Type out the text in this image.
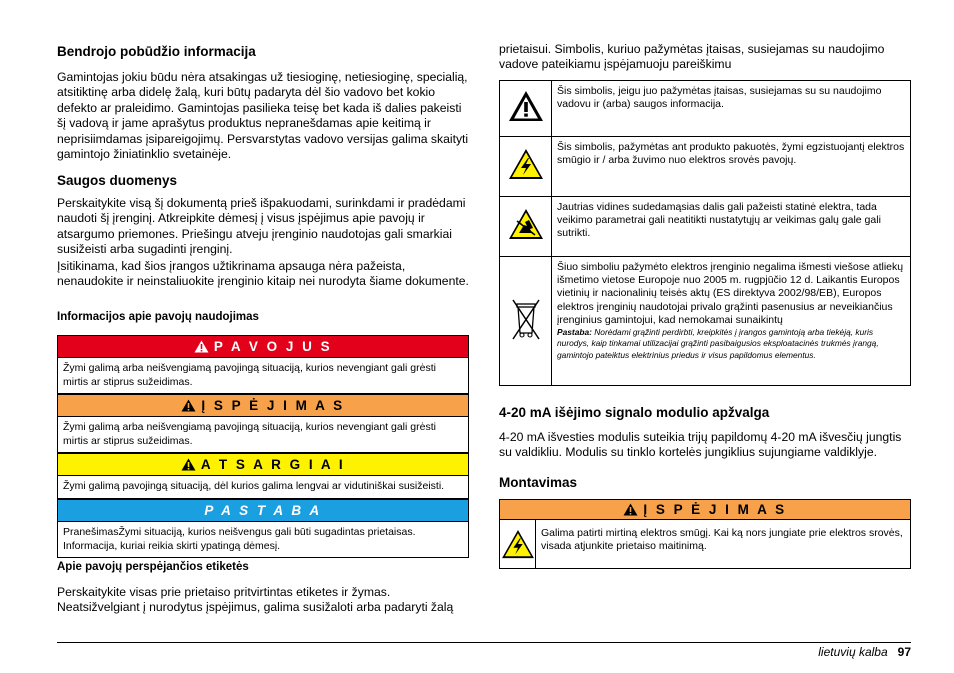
Bendrojo pobūdžio informacija

Gamintojas jokiu būdu nėra atsakingas už tiesioginę, netiesioginę, specialią, atsitiktinę arba didelę žalą, kuri būtų padaryta dėl šio vadovo bet kokio defekto ar praleidimo. Gamintojas pasilieka teisę bet kada iš dalies pakeisti šį vadovą ir jame aprašytus produktus nepranešdamas apie keitimą ir neprisiimdamas įsipareigojimų. Persvarstytas vadovo versijas galima skaityti gamintojo žiniatinklio svetainėje.

Saugos duomenys

Perskaitykite visą šį dokumentą prieš išpakuodami, surinkdami ir pradėdami naudoti šį įrenginį. Atkreipkite dėmesį į visus įspėjimus apie pavojų ir atsargumo priemones. Priešingu atveju įrenginio naudotojas gali smarkiai susižeisti arba sugadinti įrenginį.

Įsitikinama, kad šios įrangos užtikrinama apsauga nėra pažeista, nenaudokite ir neinstaliuokite įrenginio kitaip nei nurodyta šiame dokumente.

Informacijos apie pavojų naudojimas
P A V O J U S
Žymi galimą arba neišvengiamą pavojingą situaciją, kurios nevengiant gali grėsti mirtis ar stiprus sužeidimas.
Į S P Ė J I M A S
Žymi galimą arba neišvengiamą pavojingą situaciją, kurios nevengiant gali grėsti mirtis ar stiprus sužeidimas.
A T S A R G I A I
Žymi galimą pavojingą situaciją, dėl kurios galima lengvai ar vidutiniškai susižeisti.
P A S T A B A
PranešimasŽymi situaciją, kurios neišvengus gali būti sugadintas prietaisas. Informacija, kuriai reikia skirti ypatingą dėmesį.
Apie pavojų perspėjančios etiketės

Perskaitykite visas prie prietaiso pritvirtintas etiketes ir žymas. Neatsižvelgiant į nurodytus įspėjimus, galima susižaloti arba padaryti žalą

prietaisui. Simbolis, kuriuo pažymėtas įtaisas, susiejamas su naudojimo vadove pateikiamu įspėjamuoju pareiškimu

	Šis simbolis, jeigu juo pažymėtas įtaisas, susiejamas su su naudojimo vadovu ir (arba) saugos informacija.
	Šis simbolis, pažymėtas ant produkto pakuotės, žymi egzistuojantį elektros smūgio ir / arba žuvimo nuo elektros srovės pavojų.
	Jautrias vidines sudedamąsias dalis gali pažeisti statinė elektra, tada veikimo parametrai gali neatitikti nustatytųjų ar veikimas galų gale gali sutrikti.

Šiuo simboliu pažymėto elektros įrenginio negalima išmesti viešose atliekų išmetimo vietose Europoje nuo 2005 m. rugpjūčio 12 d. Laikantis Europos vietinių ir nacionalinių teisės aktų (ES direktyva 2002/98/EB), Europos elektros įrenginių naudotojai privalo grąžinti pasenusius ar neveikiančius įrenginius gamintojui, kad nemokamai sunaikintų
Pastaba: Norėdami grąžinti perdirbti, kreipkitės į įrangos gamintoją arba tiekėją, kuris nurodys, kaip tinkamai utilizacijai grąžinti pasibaigusios eksploatacinės trukmės įrangą, gamintojo pateiktus elektrinius priedus ir visus papildomus elementus.
4-20 mA išėjimo signalo modulio apžvalga

4-20 mA išvesties modulis suteikia trijų papildomų 4-20 mA išvesčių jungtis su valdikliu. Modulis su tinklo kortelės jungiklius sujungiame valdiklyje.

Montavimas
Į S P Ė J I M A S
Galima patirti mirtiną elektros smūgį. Kai ką nors jungiate prie elektros srovės, visada atjunkite prietaiso maitinimą.
lietuvių kalba 97
